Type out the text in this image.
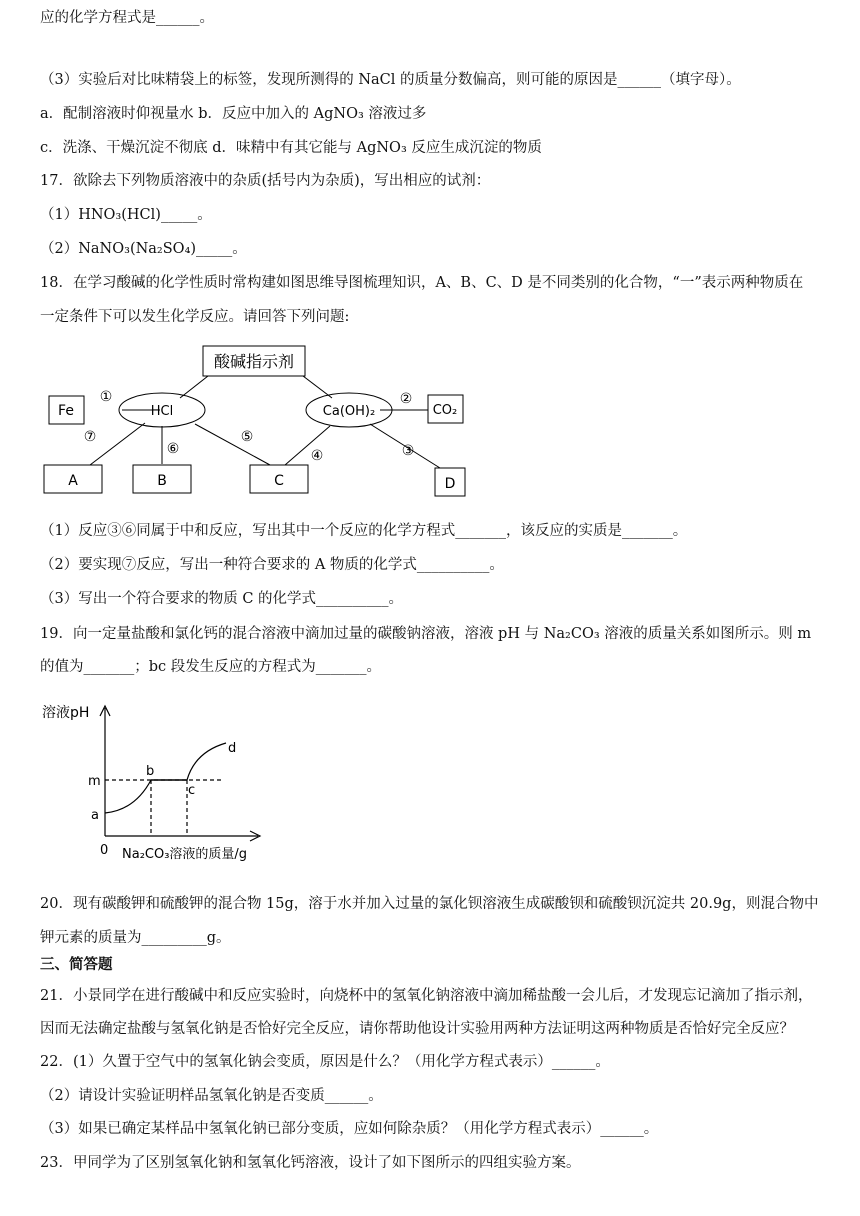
应的化学方程式是______。
（3）实验后对比味精袋上的标签，发现所测得的 NaCl 的质量分数偏高，则可能的原因是______（填字母）。
a．配制溶液时仰视量水 b．反应中加入的 AgNO₃ 溶液过多
c．洗涤、干燥沉淀不彻底 d．味精中有其它能与 AgNO₃ 反应生成沉淀的物质
17．欲除去下列物质溶液中的杂质(括号内为杂质)，写出相应的试剂：
（1）HNO₃(HCl)_____。
（2）NaNO₃(Na₂SO₄)_____。
18．在学习酸碱的化学性质时常构建如图思维导图梳理知识，A、B、C、D 是不同类别的化合物，“一”表示两种物质在
一定条件下可以发生化学反应。请回答下列问题:
酸碱指示剂
Fe	HCl	Ca(OH)₂	CO₂
A	B	C	D
①	②
③
④
⑤
⑥
⑦
（1）反应③⑥同属于中和反应，写出其中一个反应的化学方程式_______，该反应的实质是_______。
（2）要实现⑦反应，写出一种符合要求的 A 物质的化学式__________。
（3）写出一个符合要求的物质 C 的化学式__________。
19．向一定量盐酸和氯化钙的混合溶液中滴加过量的碳酸钠溶液，溶液 pH 与 Na₂CO₃ 溶液的质量关系如图所示。则 m
的值为_______；bc 段发生反应的方程式为_______。
溶液pH
m
a
b
c
d
0 Na₂CO₃溶液的质量/g
20．现有碳酸钾和硫酸钾的混合物 15g，溶于水并加入过量的氯化钡溶液生成碳酸钡和硫酸钡沉淀共 20.9g，则混合物中
钾元素的质量为_________g。
三、简答题
21．小景同学在进行酸碱中和反应实验时，向烧杯中的氢氧化钠溶液中滴加稀盐酸一会儿后，才发现忘记滴加了指示剂，
因而无法确定盐酸与氢氧化钠是否恰好完全反应，请你帮助他设计实验用两种方法证明这两种物质是否恰好完全反应？
22．(1）久置于空气中的氢氧化钠会变质，原因是什么？（用化学方程式表示）______。
（2）请设计实验证明样品氢氧化钠是否变质______。
（3）如果已确定某样品中氢氧化钠已部分变质，应如何除杂质？（用化学方程式表示）______。
23．甲同学为了区别氢氧化钠和氢氧化钙溶液，设计了如下图所示的四组实验方案。
